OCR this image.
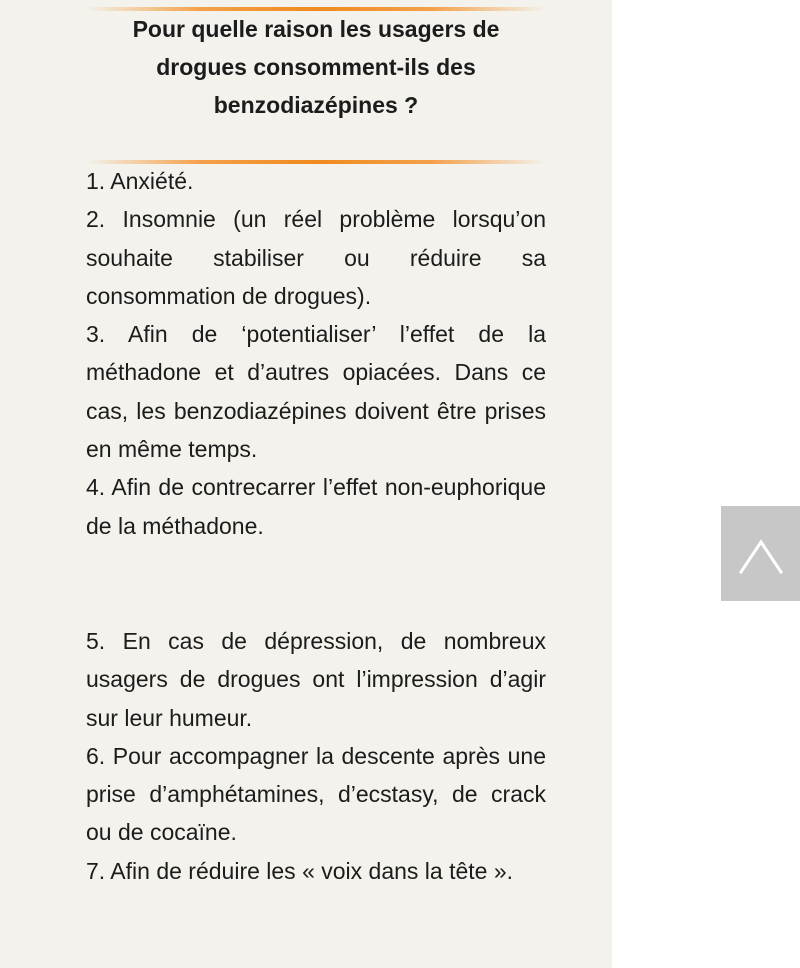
Pour quelle raison les usagers de drogues consomment-ils des benzodiazépines ?

1. Anxiété.

2. Insomnie (un réel problème lorsqu’on souhaite stabiliser ou réduire sa consommation de drogues).

3. Afin de ‘potentialiser’ l’effet de la méthadone et d’autres opiacées. Dans ce cas, les benzodiazépines doivent être prises en même temps.

4. Afin de contrecarrer l’effet non-euphorique de la méthadone.

5. En cas de dépression, de nombreux usagers de drogues ont l’impression d’agir sur leur humeur.

6. Pour accompagner la descente après une prise d’amphétamines, d’ecstasy, de crack ou de cocaïne.

7. Afin de réduire les « voix dans la tête ».
